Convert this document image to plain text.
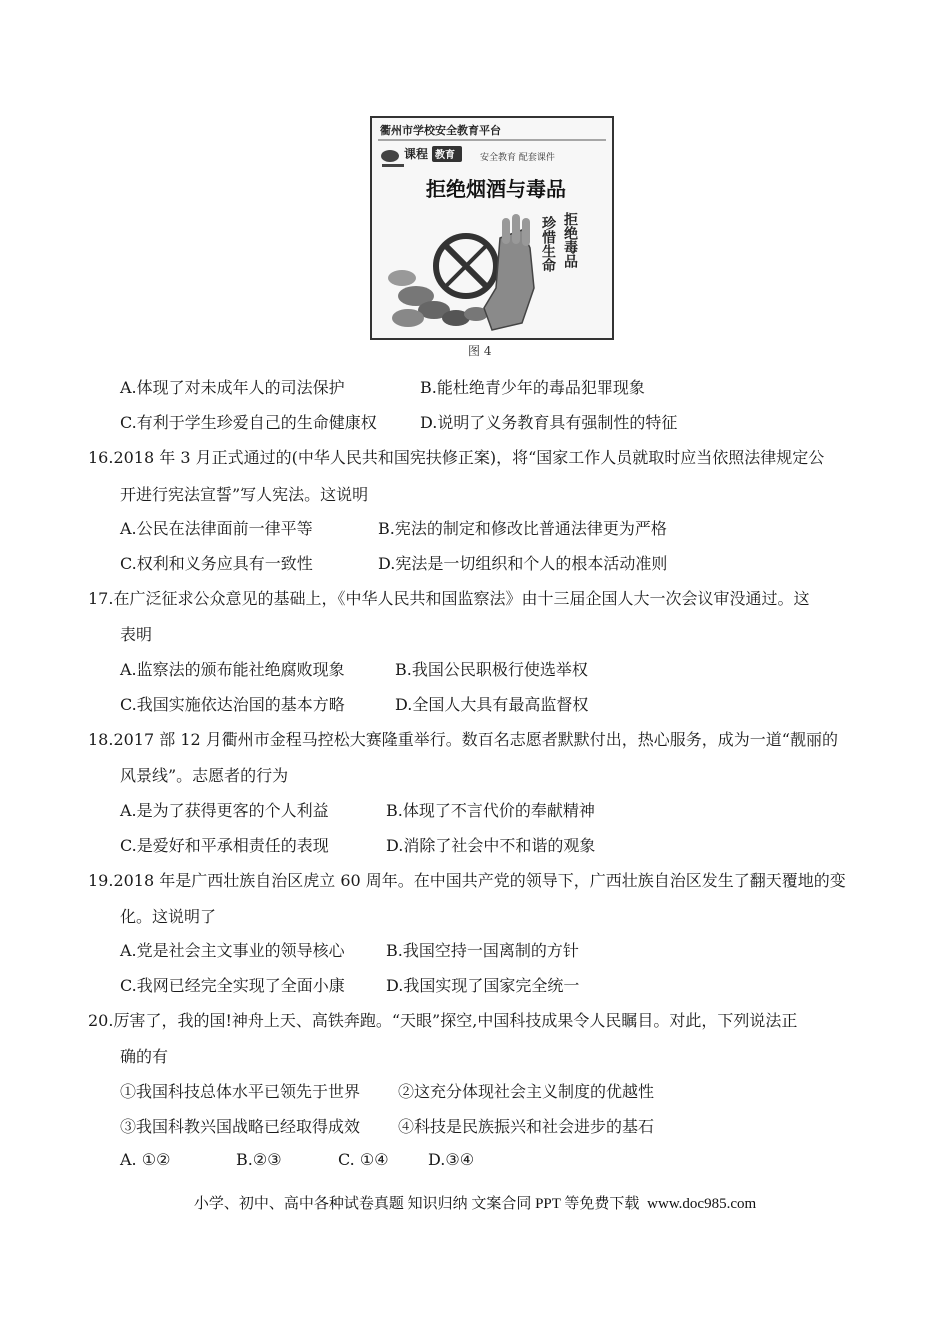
衢州市学校安全教育平台
课程 教育	安全教育 配套课件
拒绝烟酒与毒品
珍惜生命 拒绝毒品
图 4
A.体现了对未成年人的司法保护	B.能杜绝青少年的毒品犯罪现象
C.有利于学生珍爱自己的生命健康权	D.说明了义务教育具有强制性的特征
16.2018 年 3 月正式通过的(中华人民共和国宪扶修正案)，将“国家工作人员就取时应当依照法律规定公
开进行宪法宣誓”写人宪法。这说明
A.公民在法律面前一律平等	B.宪法的制定和修改比普通法律更为严格
C.权利和义务应具有一致性	D.宪法是一切组织和个人的根本活动准则
17.在广泛征求公众意见的基础上，《中华人民共和国监察法》由十三届企国人大一次会议审没通过。这
表明
A.监察法的颁布能社绝腐败现象	B.我国公民职极行使选举权
C.我国实施依达治国的基本方略	D.全国人大具有最高监督权
18.2017 部 12 月衢州市金程马控松大赛隆重举行。数百名志愿者默默付出，热心服务，成为一道“靓丽的
风景线”。志愿者的行为
A.是为了获得更客的个人利益	B.体现了不言代价的奉献精神
C.是爱好和平承相责任的表现	D.消除了社会中不和谐的观象
19.2018 年是广西壮族自治区虎立 60 周年。在中国共产党的领导下，广西壮族自治区发生了翻天覆地的变
化。这说明了
A.党是社会主文事业的领导核心	B.我国空持一国离制的方针
C.我网已经完全实现了全面小康	D.我国实现了国家完全统一
20.厉害了，我的国!神舟上天、高铁奔跑。“天眼”探空,中国科技成果令人民瞩目。对此，下列说法正
确的有
①我国科技总体水平已领先于世界 ②这充分体现社会主义制度的优越性
③我国科教兴国战略已经取得成效 ④科技是民族振兴和社会进步的基石
A. ①②	B.②③	C. ①④ D.③④
小学、初中、高中各种试卷真题 知识归纳 文案合同 PPT 等免费下载 www.doc985.com
